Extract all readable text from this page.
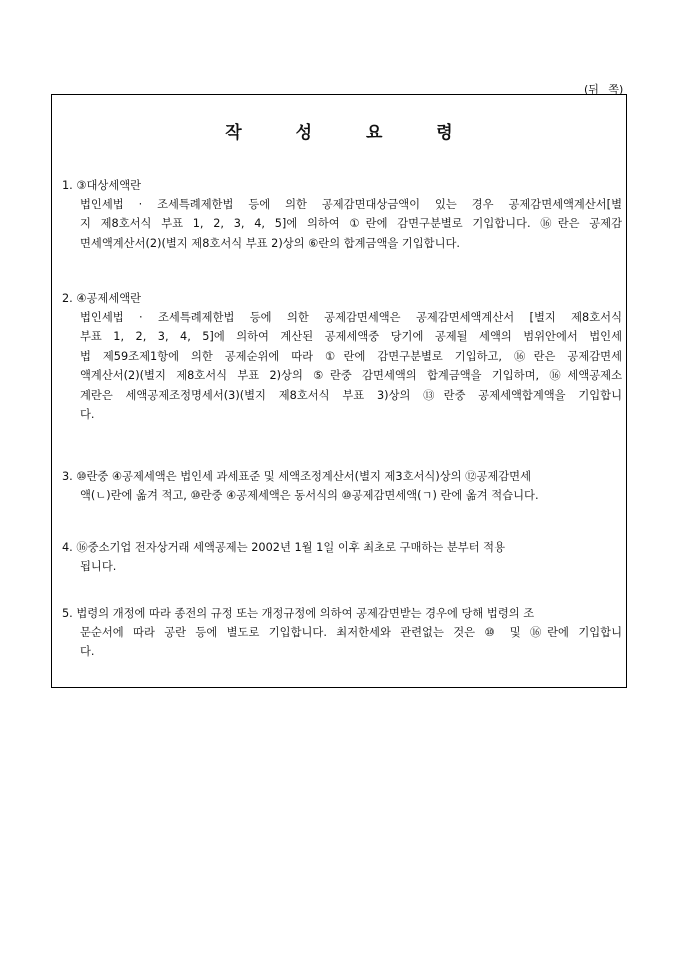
(뒤 쪽)
작 성 요 령
1. ③대상세액란
법인세법 · 조세특례제한법 등에 의한 공제감면대상금액이 있는 경우 공제감면세액계산서[별
지 제8호서식 부표 1, 2, 3, 4, 5]에 의하여 ①란에 감면구분별로 기입합니다. ⑯란은 공제감
면세액계산서(2)(별지 제8호서식 부표 2)상의 ⑥란의 합계금액을 기입합니다.
2. ④공제세액란
법인세법 · 조세특례제한법 등에 의한 공제감면세액은 공제감면세액계산서 [별지 제8호서식
부표 1, 2, 3, 4, 5]에 의하여 계산된 공제세액중 당기에 공제될 세액의 범위안에서 법인세
법 제59조제1항에 의한 공제순위에 따라 ①란에 감면구분별로 기입하고, ⑯란은 공제감면세
액계산서(2)(별지 제8호서식 부표 2)상의 ⑤란중 감면세액의 합계금액을 기입하며, ⑯세액공제소
계란은 세액공제조정명세서(3)(별지 제8호서식 부표 3)상의 ⑬란중 공제세액합계액을 기입합니
다.
3. ⑩란중 ④공제세액은 법인세 과세표준 및 세액조정계산서(별지 제3호서식)상의 ⑫공제감면세
액(ㄴ)란에 옮겨 적고, ⑩란중 ④공제세액은 동서식의 ⑩공제감면세액(ㄱ) 란에 옮겨 적습니다.
4. ⑯중소기업 전자상거래 세액공제는 2002년 1월 1일 이후 최초로 구매하는 분부터 적용
됩니다.
5. 법령의 개정에 따라 종전의 규정 또는 개정규정에 의하여 공제감면받는 경우에 당해 법령의 조
문순서에 따라 공란 등에 별도로 기입합니다. 최저한세와 관련없는 것은 ⑩ 및 ⑯란에 기입합니
다.
